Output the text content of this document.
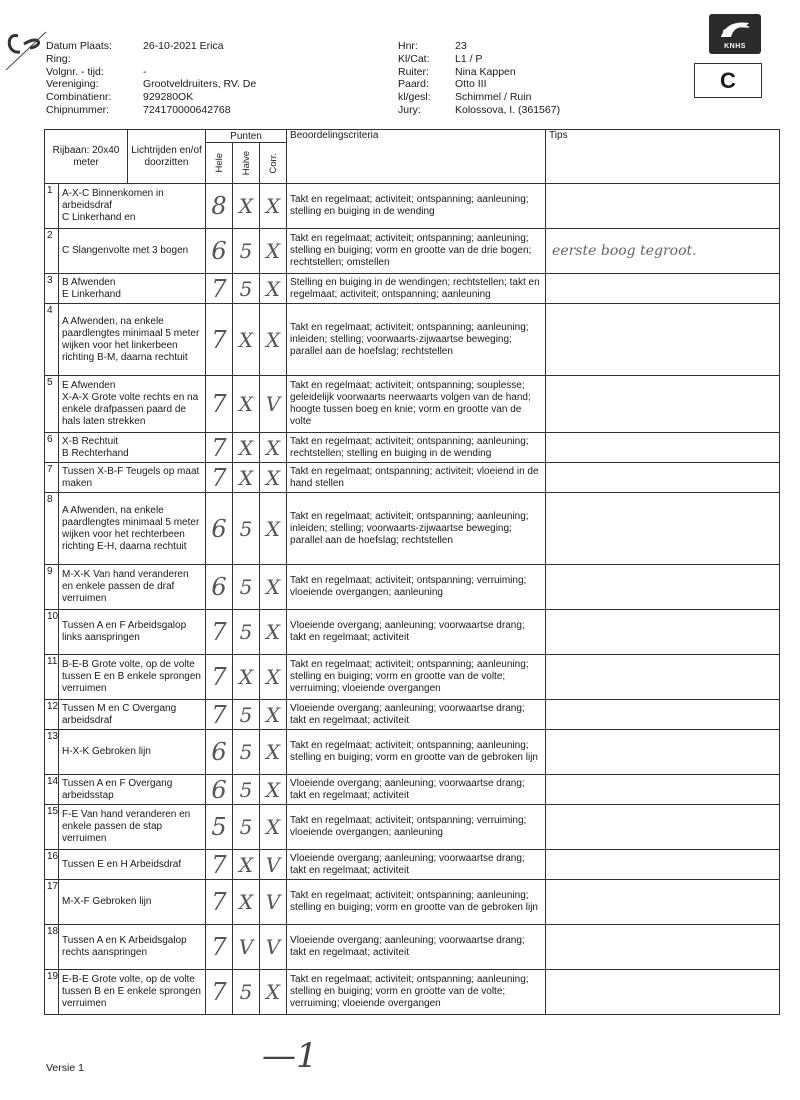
Datum Plaats:	26-10-2021 Erica
Ring:
Volgnr. - tijd:	-
Vereniging:	Grootveldruiters, RV. De
Combinatienr:	929280OK
Chipnummer:	724170000642768
Hnr:	23
Kl/Cat:	L1 / P
Ruiter:	Nina Kappen
Paard:	Otto III
kl/gesl:	Schimmel / Ruin
Jury:	Kolossova, I. (361567)
KNHS
C
Rijbaan: 20x40 meter
Lichtrijden en/of doorzitten		Punten			Beoordelingscriteria	Tips

		Hele	Halve	Corr.		

1	A-X-C Binnenkomen in arbeidsdraf
C Linkerhand en	8	X	X	Takt en regelmaat; activiteit; ontspanning; aanleuning; stelling en buiging in de wending	
2	C Slangenvolte met 3 bogen	6	5	X	Takt en regelmaat; activiteit; ontspanning; aanleuning; stelling en buiging; vorm en grootte van de drie bogen; rechtstellen; omstellen	eerste boog tegroot.
3	B Afwenden
E Linkerhand	7	5	X	Stelling en buiging in de wendingen; rechtstellen; takt en regelmaat; activiteit; ontspanning; aanleuning	
4	A Afwenden, na enkele paardlengtes minimaal 5 meter wijken voor het linkerbeen richting B-M, daarna rechtuit	7	X	X	Takt en regelmaat; activiteit; ontspanning; aanleuning; inleiden; stelling; voorwaarts-zijwaartse beweging; parallel aan de hoefslag; rechtstellen	
5	E Afwenden
X-A-X Grote volte rechts en na enkele drafpassen paard de hals laten strekken	7	X	V	Takt en regelmaat; activiteit; ontspanning; souplesse; geleidelijk voorwaarts neerwaarts volgen van de hand; hoogte tussen boeg en knie; vorm en grootte van de volte	
6	X-B Rechtuit
B Rechterhand	7	X	X	Takt en regelmaat; activiteit; ontspanning; aanleuning; rechtstellen; stelling en buiging in de wending	
7	Tussen X-B-F Teugels op maat maken	7	X	X	Takt en regelmaat; ontspanning; activiteit; vloeiend in de hand stellen	
8	A Afwenden, na enkele paardlengtes minimaal 5 meter wijken voor het rechterbeen richting E-H, daarna rechtuit	6	5	X	Takt en regelmaat; activiteit; ontspanning; aanleuning; inleiden; stelling; voorwaarts-zijwaartse beweging; parallel aan de hoefslag; rechtstellen	
9	M-X-K Van hand veranderen en enkele passen de draf verruimen	6	5	X	Takt en regelmaat; activiteit; ontspanning; verruiming; vloeiende overgangen; aanleuning	
10	Tussen A en F Arbeidsgalop links aanspringen	7	5	X	Vloeiende overgang; aanleuning; voorwaartse drang; takt en regelmaat; activiteit	
11	B-E-B Grote volte, op de volte tussen E en B enkele sprongen verruimen	7	X	X	Takt en regelmaat; activiteit; ontspanning; aanleuning; stelling en buiging; vorm en grootte van de volte; verruiming; vloeiende overgangen	
12	Tussen M en C Overgang arbeidsdraf	7	5	X	Vloeiende overgang; aanleuning; voorwaartse drang; takt en regelmaat; activiteit	
13	H-X-K Gebroken lijn	6	5	X	Takt en regelmaat; activiteit; ontspanning; aanleuning; stelling en buiging; vorm en grootte van de gebroken lijn	
14	Tussen A en F Overgang arbeidsstap	6	5	X	Vloeiende overgang; aanleuning; voorwaartse drang; takt en regelmaat; activiteit	
15	F-E Van hand veranderen en enkele passen de stap verruimen	5	5	X	Takt en regelmaat; activiteit; ontspanning; verruiming; vloeiende overgangen; aanleuning	
16	Tussen E en H Arbeidsdraf	7	X	V	Vloeiende overgang; aanleuning; voorwaartse drang; takt en regelmaat; activiteit	
17	M-X-F Gebroken lijn	7	X	V	Takt en regelmaat; activiteit; ontspanning; aanleuning; stelling en buiging; vorm en grootte van de gebroken lijn	
18	Tussen A en K Arbeidsgalop rechts aanspringen	7	V	V	Vloeiende overgang; aanleuning; voorwaartse drang; takt en regelmaat; activiteit	
19	E-B-E Grote volte, op de volte tussen B en E enkele sprongen verruimen	7	5	X	Takt en regelmaat; activiteit; ontspanning; aanleuning; stelling en buiging; vorm en grootte van de volte; verruiming; vloeiende overgangen	
—1
Versie 1
